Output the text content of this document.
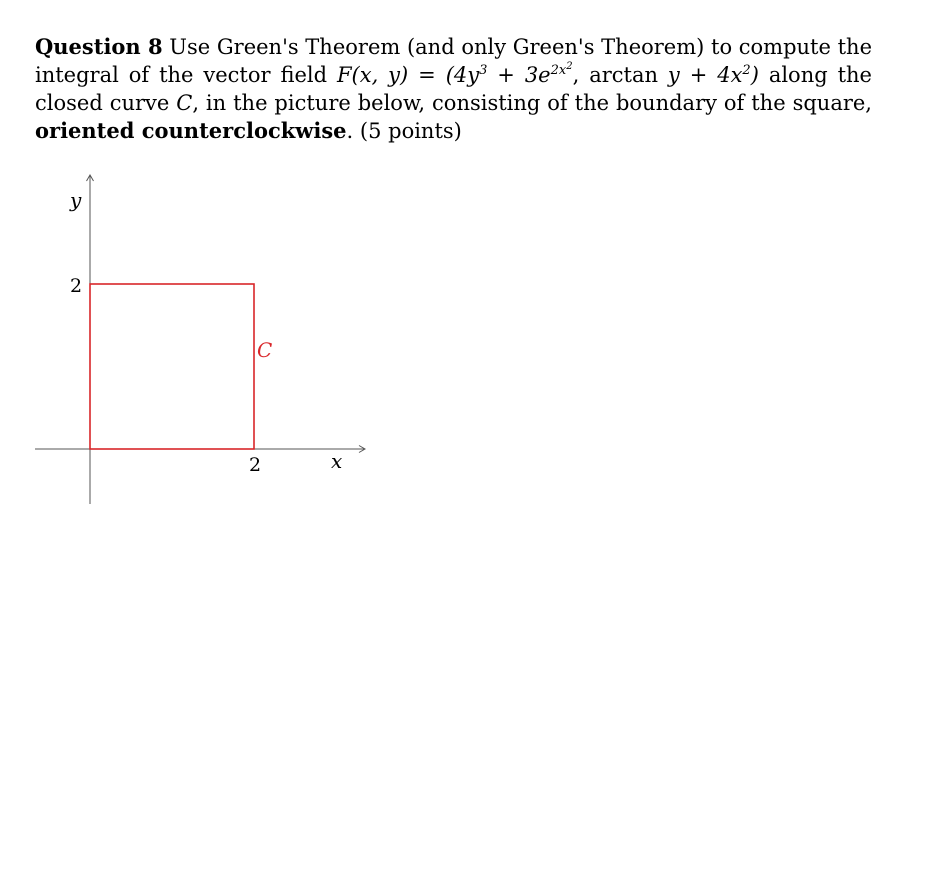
Question 8 Use Green's Theorem (and only Green's Theorem) to compute the integral of the vector field F(x, $y) = (4y^3 + 3e^{2x^2}$, $\arctan y + 4x^2$) along the closed curve C, in the picture below, consisting of the boundary of the square, oriented counterclockwise. (5 points)
y
x
2
2
C
